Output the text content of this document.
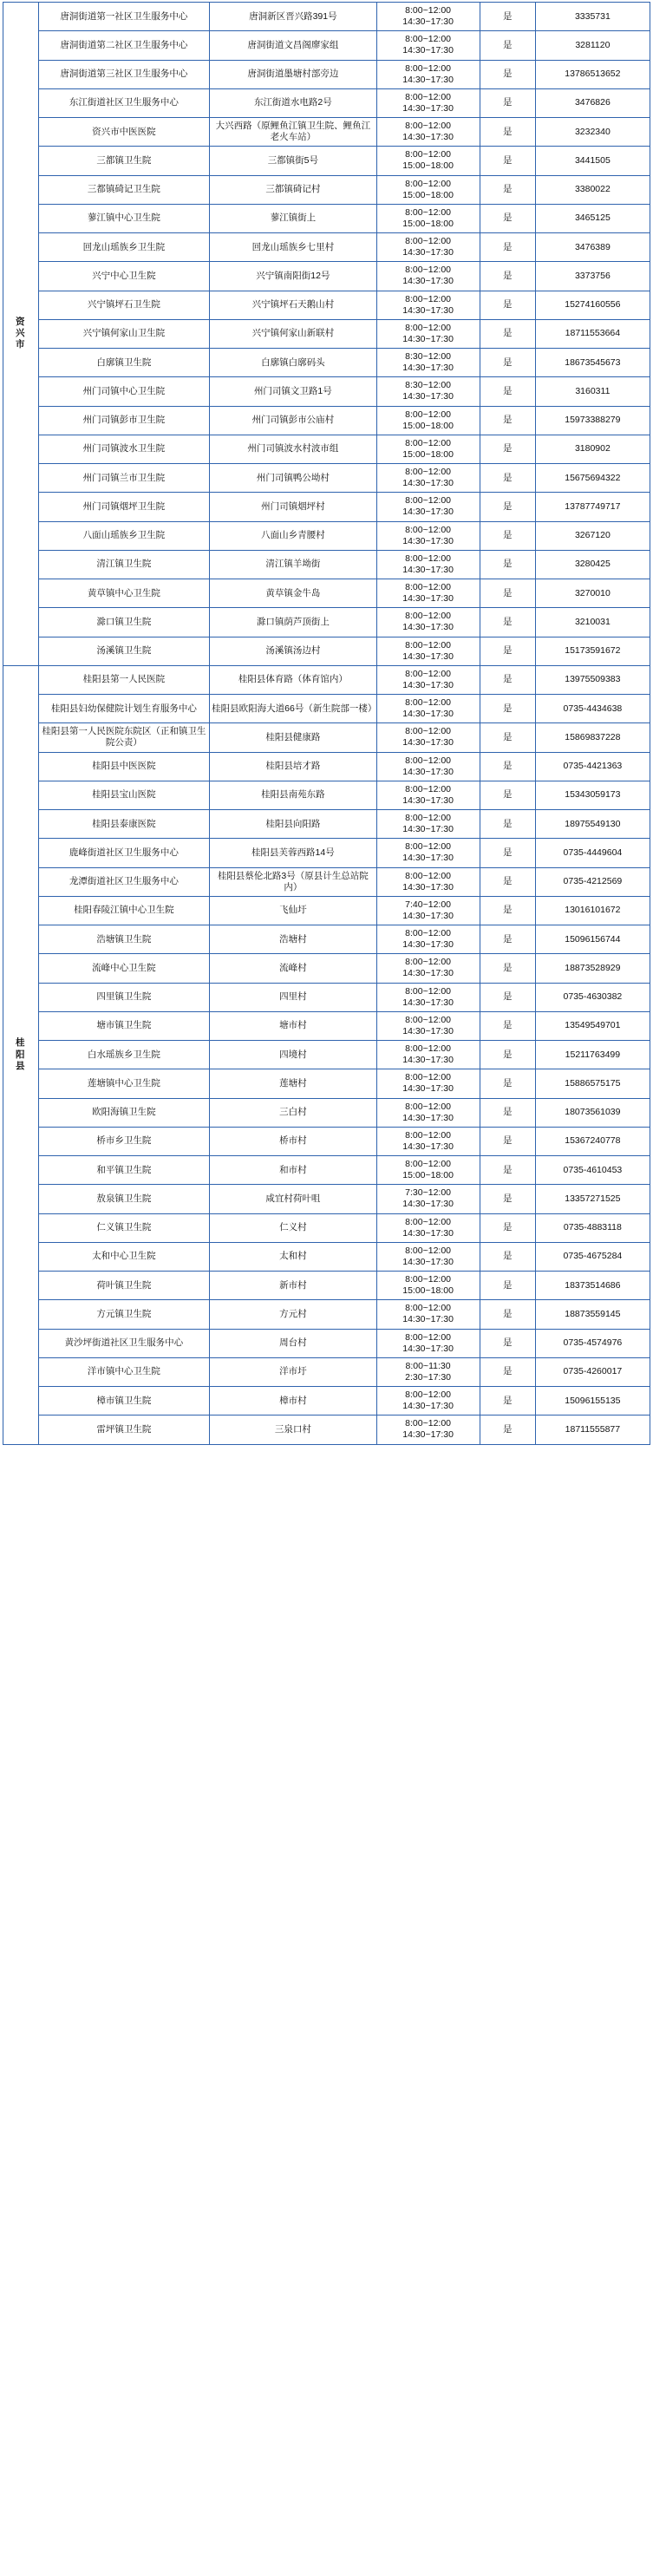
资
兴
市	唐洞街道第一社区卫生服务中心	唐洞新区晋兴路391号	8:00~12:00
14:30~17:30	是	3335731
	唐洞街道第二社区卫生服务中心	唐洞街道文昌阁廖家组	8:00~12:00
14:30~17:30	是	3281120
	唐洞街道第三社区卫生服务中心	唐洞街道墨塘村部旁边	8:00~12:00
14:30~17:30	是	13786513652
	东江街道社区卫生服务中心	东江街道水电路2号	8:00~12:00
14:30~17:30	是	3476826
	资兴市中医医院	大兴西路（原鲤鱼江镇卫生院、鲤鱼江老火车站）	8:00~12:00
14:30~17:30	是	3232340
	三都镇卫生院	三都镇街5号	8:00~12:00
15:00~18:00	是	3441505
	三都镇碕记卫生院	三都镇碕记村	8:00~12:00
15:00~18:00	是	3380022
	蓼江镇中心卫生院	蓼江镇街上	8:00~12:00
15:00~18:00	是	3465125
	回龙山瑶族乡卫生院	回龙山瑶族乡七里村	8:00~12:00
14:30~17:30	是	3476389
	兴宁中心卫生院	兴宁镇南阳街12号	8:00~12:00
14:30~17:30	是	3373756
	兴宁镇坪石卫生院	兴宁镇坪石天鹅山村	8:00~12:00
14:30~17:30	是	15274160556
	兴宁镇何家山卫生院	兴宁镇何家山新联村	8:00~12:00
14:30~17:30	是	18711553664
	白廓镇卫生院	白廓镇白廓码头	8:30~12:00
14:30~17:30	是	18673545673
	州门司镇中心卫生院	州门司镇文卫路1号	8:30~12:00
14:30~17:30	是	3160311
	州门司镇彭市卫生院	州门司镇彭市公庙村	8:00~12:00
15:00~18:00	是	15973388279
	州门司镇波水卫生院	州门司镇波水村波市组	8:00~12:00
15:00~18:00	是	3180902
	州门司镇兰市卫生院	州门司镇鸭公坳村	8:00~12:00
14:30~17:30	是	15675694322
	州门司镇烟坪卫生院	州门司镇烟坪村	8:00~12:00
14:30~17:30	是	13787749717
	八面山瑶族乡卫生院	八面山乡青腰村	8:00~12:00
14:30~17:30	是	3267120
	清江镇卫生院	清江镇羊坳街	8:00~12:00
14:30~17:30	是	3280425
	黄草镇中心卫生院	黄草镇金牛岛	8:00~12:00
14:30~17:30	是	3270010
	滁口镇卫生院	滁口镇荫芦顶街上	8:00~12:00
14:30~17:30	是	3210031
	汤溪镇卫生院	汤溪镇汤边村	8:00~12:00
14:30~17:30	是	15173591672

桂
阳
县	桂阳县第一人民医院	桂阳县体育路（体育馆内）	8:00~12:00
14:30~17:30	是	13975509383
	桂阳县妇幼保健院计划生育服务中心	桂阳县欧阳海大道66号（新生院部一楼）	8:00~12:00
14:30~17:30	是	0735-4434638
	桂阳县第一人民医院东院区（正和镇卫生院公责）	桂阳县健康路	8:00~12:00
14:30~17:30	是	15869837228
	桂阳县中医医院	桂阳县培才路	8:00~12:00
14:30~17:30	是	0735-4421363
	桂阳县宝山医院	桂阳县南苑东路	8:00~12:00
14:30~17:30	是	15343059173
	桂阳县泰康医院	桂阳县向阳路	8:00~12:00
14:30~17:30	是	18975549130
	鹿峰街道社区卫生服务中心	桂阳县芙蓉西路14号	8:00~12:00
14:30~17:30	是	0735-4449604
	龙潭街道社区卫生服务中心	桂阳县蔡伦北路3号（原县计生总站院内）	8:00~12:00
14:30~17:30	是	0735-4212569
	桂阳春陵江镇中心卫生院	飞仙圩	7:40~12:00
14:30~17:30	是	13016101672
	浩塘镇卫生院	浩塘村	8:00~12:00
14:30~17:30	是	15096156744
	流峰中心卫生院	流峰村	8:00~12:00
14:30~17:30	是	18873528929
	四里镇卫生院	四里村	8:00~12:00
14:30~17:30	是	0735-4630382
	塘市镇卫生院	塘市村	8:00~12:00
14:30~17:30	是	13549549701
	白水瑶族乡卫生院	四境村	8:00~12:00
14:30~17:30	是	15211763499
	莲塘镇中心卫生院	莲塘村	8:00~12:00
14:30~17:30	是	15886575175
	欧阳海镇卫生院	三白村	8:00~12:00
14:30~17:30	是	18073561039
	桥市乡卫生院	桥市村	8:00~12:00
14:30~17:30	是	15367240778
	和平镇卫生院	和市村	8:00~12:00
15:00~18:00	是	0735-4610453
	敖泉镇卫生院	咸宜村荷叶咀	7:30~12:00
14:30~17:30	是	13357271525
	仁义镇卫生院	仁义村	8:00~12:00
14:30~17:30	是	0735-4883118
	太和中心卫生院	太和村	8:00~12:00
14:30~17:30	是	0735-4675284
	荷叶镇卫生院	新市村	8:00~12:00
15:00~18:00	是	18373514686
	方元镇卫生院	方元村	8:00~12:00
14:30~17:30	是	18873559145
	黄沙坪街道社区卫生服务中心	周台村	8:00~12:00
14:30~17:30	是	0735-4574976
	洋市镇中心卫生院	洋市圩	8:00~11:30
2:30~17:30	是	0735-4260017
	樟市镇卫生院	樟市村	8:00~12:00
14:30~17:30	是	15096155135
	雷坪镇卫生院	三泉口村	8:00~12:00
14:30~17:30	是	18711555877
